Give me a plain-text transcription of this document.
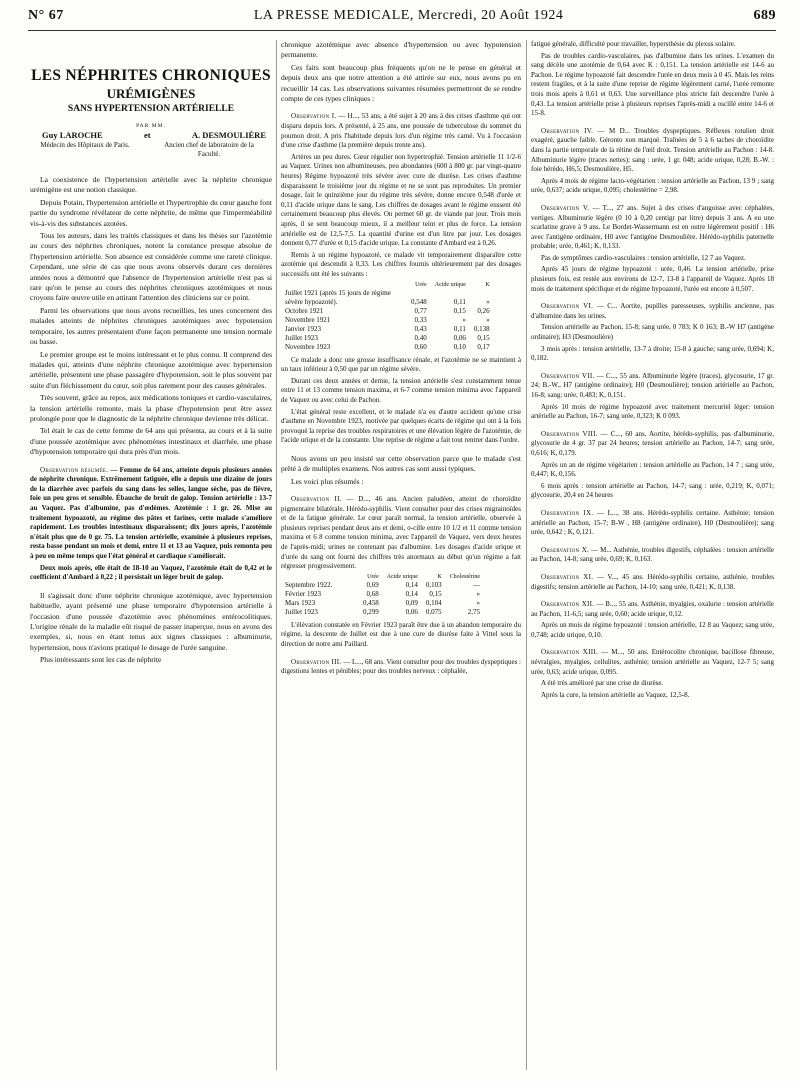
N° 67	LA PRESSE MEDICALE, Mercredi, 20 Août 1924	689
LES NÉPHRITES CHRONIQUES
URÉMIGÈNES
SANS HYPERTENSION ARTÉRIELLE
PAR MM.
Guy LAROCHE	et	A. DESMOULIÈRE
Médecin des Hôpitaux de Paris.	Ancien chef de laboratoire de la Faculté.

La coexistence de l'hypertension artérielle avec la néphrite chronique urémigène est une notion classique.

Depuis Potain, l'hypertension artérielle et l'hypertrophie du cœur gauche font partie du syndrome révélateur de cette néphrite, de même que l'imperméabilité vis-à-vis des substances azotées.

Tous les auteurs, dans les traités classiques et dans les thèses sur l'azotémie au cours des néphrites chroniques, notent la constance presque absolue de l'hypertension artérielle. Son absence est considérée comme une rareté clinique. Cependant, une série de cas que nous avons observés durant ces dernières années nous a démontré que l'absence de l'hypertension artérielle n'est pas si rare qu'on le pense au cours des néphrites chroniques azotémiques et nous croyons faire œuvre utile en attirant l'attention des cliniciens sur ce point.

Parmi les observations que nous avons recueillies, les unes concernent des malades atteints de néphrites chroniques azotémiques avec hypotension temporaire, les autres présentaient d'une façon permanente une tension normale ou basse.

Le premier groupe est le moins intéressant et le plus connu. Il comprend des malades qui, atteints d'une néphrite chronique azotémique avec hypertension artérielle, présentent une phase passagère d'hypotension, soit le plus souvent par suite d'un fléchissement du cœur, soit plus rarement pour des causes générales.

Très souvent, grâce au repos, aux médications toniques et cardio-vasculaires, la tension artérielle remonte, mais la phase d'hypotension peut être assez prolongée pour que le diagnostic de la néphrite chronique devienne très délicat.

Tel était le cas de cette femme de 64 ans qui présenta, au cours et à la suite d'une poussée azotémique avec phénomènes intestinaux et diarrhée, une phase d'hypotension temporaire qui dura près d'un mois.

Observation résumée. — Femme de 64 ans, atteinte depuis plusieurs années de néphrite chronique. Extrêmement fatiguée, elle a depuis une dizaine de jours de la diarrhée avec parfois du sang dans les selles, langue sèche, pas de fièvre, foie un peu gros et sensible. Ébauche de bruit de galop. Tension artérielle : 13-7 au Vaquez. Pas d'albumine, pas d'œdèmes. Azotémie : 1 gr. 26. Mise au traitement hypoazoté, au régime des pâtes et farines, cette malade s'améliore rapidement. Les troubles intestinaux disparaissent; dix jours après, l'azotémie n'était plus que de 0 gr. 75. La tension artérielle, examinée à plusieurs reprises, resta basse pendant un mois et demi, entre 11 et 13 au Vaquez, puis remonta peu à peu en même temps que l'état général et cardiaque s'améliorait.

Deux mois après, elle était de 18-10 au Vaquez, l'azotémie était de 0,42 et le coefficient d'Ambard à 0,22 ; il persistait un léger bruit de galop.

Il s'agissait donc d'une néphrite chronique azotémique, avec hypertension habituelle, ayant présenté une phase temporaire d'hypotension artérielle à l'occasion d'une poussée d'azotémie avec phénomènes entérocolitiques. L'origine rénale de la maladie eût risqué de passer inaperçue, nous en avons des exemples, si, nous en étant tenus aux signes classiques : albuminurie, hypertension, nous n'avions pratiqué le dosage de l'urée sanguine.

Plus intéressants sont les cas de néphrite

chronique azotémique avec absence d'hypertension ou avec hypotension permanente.

Ces faits sont beaucoup plus fréquents qu'on ne le pense en général et depuis deux ans que notre attention a été attirée sur eux, nous avons pu en recueillir 14 cas. Les observations suivantes résumées permettront de se rendre compte de ces types cliniques :

Observation I. — H..., 53 ans, a été sujet à 20 ans à des crises d'asthme qui ont disparu depuis lors. A présenté, à 25 ans, une poussée de tuberculose du sommet du poumon droit. A pris l'habitude depuis lors d'un régime très carné. Vu à l'occasion d'une crise d'asthme (la première depuis trente ans).

Artères un peu dures. Cœur régulier non hypertrophié. Tension artérielle 11 1/2-6 au Vaquez. Urines non albumineuses, peu abondantes (600 à 800 gr. par vingt-quatre heures) Régime hypoazoté très sévère avec cure de diurèse. Les crises d'asthme disparaissent le troisième jour du régime et ne se sont pas reproduites. Un premier dosage, fait le quinzième jour du régime très sévère, donne encore 0,548 d'urée et 0,11 d'acide urique dans le sang. Les chiffres de dosages avant le régime eussent été certainement beaucoup plus élevés. On permet 60 gr. de viande par jour. Trois mois après, il se sent beaucoup mieux, il a meilleur teint et plus de force. La tension artérielle est de 12,5-7,5. La quantité d'urine est d'un litre par jour. Les dosages donnent 0,77 d'urée et 0,15 d'acide urique. La constante d'Ambard est à 0,26.

Remis à un régime hypoazoté, ce malade vit temporairement disparaître cette azotémie qui descendit à 0,33. Les chiffres fournis ultérieurement par des dosages successifs ont été les suivants :

	Urée	Acide urique	K
Juillet 1921 (après 15 jours de régime sévère hypoazoté).	0,548	0,11	»
Octobre 1921	0,77	0,15	0,26
Novembre 1921	0,33	»	»
Janvier 1923	0,43	0,11	0,138
Juillet 1923	0,40	0,06	0,15
Novembre 1923	0,60	0,10	0,17

Ce malade a donc une grosse insuffisance rénale, et l'azotémie ne se maintient à un taux inférieur à 0,50 que par un régime sévère.

Durant ces deux années et demie, la tension artérielle s'est constamment tenue entre 11 et 13 comme tension maxima, et 6-7 comme tension minima avec l'appareil de Vaquez ou avec celui de Pachon.

L'état général reste excellent, et le malade n'a eu d'autre accident qu'une crise d'asthme en Novembre 1923, motivée par quelques écarts de régime qui ont à la fois provoqué la reprise des troubles respiratoires et une élévation légère de l'azotémie, de l'acide urique et de la constante. Une reprise de régime a fait tout rentrer dans l'ordre.

Nous avons un peu insisté sur cette observation parce que le malade s'est prêté à de multiples examens. Nos autres cas sont aussi typiques.

Les voici plus résumés :

Observation II. — D..., 46 ans. Ancien paludéen, atteint de choroïdite pigmentaire bilatérale. Hérédo-syphilis. Vient consulter pour des crises migrainoïdes et de la fatigue générale. Le cœur paraît normal, la tension artérielle, observée à plusieurs reprises pendant deux ans et demi, o-cille entre 10 1/2 et 11 comme tension maxima et 6 8 comme tension minima, avec l'appareil de Vaquez, vers deux heures de l'après-midi; urines ne contenant pas d'albumine. Les dosages d'acide urique et d'urée du sang ont fourni des chiffres très anormaux au début qu'un régime a fait régresser progressivement.

	Urée	Acide urique	K	Cholestérine
Septembre 1922.	0,69	0,14	0,103	—
Février 1923	0,68	0,14	0,15	»
Mars 1923	0,458	0,09	0,104	»
Juillet 1923	0,299	0,06	0,075	2,75

L'élévation constatée en Février 1923 paraît être due à un abandon temporaire du régime, la descente de Juillet est due à une cure de diurèse faite à Vittel sous la direction de notre ami Paillard.

Observation III. — L..., 68 ans. Vient consulter pour des troubles dyspeptiques : digestions lentes et pénibles; pour des troubles nerveux : céphalée,

fatigue générale, difficulté pour travailler, hypersthésie du plexus solaire.

Pas de troubles cardio-vasculaires, pas d'albumine dans les urines. L'examen du sang décèle une azotémie de 0,64 avec K : 0,151. La tension artérielle est 14-6 au Pachon. Le régime hypoazoté fait descendre l'urée en deux mois à 0 45. Mais les reins restent fragiles, et à la suite d'une reprise de régime légèrement carné, l'urée remonte trois mois après à 0,61 et 0,63. Une surveillance plus stricte fait descendre l'urée à 0,43. La tension artérielle prise à plusieurs reprises l'après-midi a oscillé entre 14-6 et 15-8.

Observation IV. — M D... Troubles dyspeptiques. Réflexes rotulien droit exagéré, gauche faible. Géronto xon marqué. Traînées de 5 à 6 taches de choroïdite dans la partie temporale de la rétine de l'œil droit. Tension artérielle au Pachon : 14-8. Albuminurie légère (traces nettes); sang : urée, 1 gr. 048; acide urique, 0,28; B.-W. : foie hérédo, H6,5; Desmoulière, H5.

Après 4 mois de régime lacto-végétarien : tension artérielle au Pachon, 13 9 ; sang urée, 0,637; acide urique, 0,095; cholestérine = 2,98.

Observation V. — T..., 27 ans. Sujet à des crises d'angoisse avec céphalées, vertiges. Albuminurie légère (0 10 à 0,20 centigr par litre) depuis 3 ans. A eu une scarlatine grave à 9 ans. Le Bordet-Wassermann est en outre légèrement positif : H6 avec l'antigène ordinaire, H0 avec l'antigène Desmoulière. Hérédo-syphilis paternelle probable; urée, 0,461; K, 0,133.

Pas de symptômes cardio-vasculaires : tension artérielle, 12 7 au Vaquez.

Après 45 jours de régime hypoazoté : urée, 0,46. La tension artérielle, prise plusieurs fois, est restée aux environs de 12-7, 13-8 à l'appareil de Vaquez. Après 18 mois de traitement spécifique et de régime hypoazoté, l'urée est encore à 0,507.

Observation VI. — C... Aortite, pupilles paresseuses, syphilis ancienne, pas d'albumine dans les urines.

Tension artérielle au Pachon, 15-8; sang urée, 0 783; K 0 163; B.-W H7 (antigène ordinaire); H3 (Desmoulière)

3 mois après : tension artérielle, 13-7 à droite; 15-8 à gauche; sang urée, 0,694; K, 0,182.

Observation VII. — C..., 55 ans. Albuminurie légère (traces), glycosurie, 17 gr. 24; B.-W., H7 (antigène ordinaire); H0 (Desmoulière); tension artérielle au Pachon, 16-8; sang: urée, 0,483; K, 0,151.

Après 10 mois de régime hypoazoté avec traitement mercuriel léger: tension artérielle au Pachon, 16-7; sang urée, 0,323; K 0 093.

Observation VIII. — C..., 60 ans. Aortite, hérédo-syphilis, pas d'albuminurie, glycosurie de 4 gr. 37 par 24 heures; tension artérielle au Pachon, 14-7; sang urée, 0,616; K, 0,179.

Après un an de régime végétarien : tension artérielle au Pachon, 14 7 ; sang urée, 0,447; K, 0,156.

6 mois après : tension artérielle au Pachon, 14-7; sang : urée, 0,219; K, 0,071; glycosurie, 20,4 en 24 heures

Observation IX. — L..., 38 ans. Hérédo-syphilis certaine. Asthénie; tension artérielle au Pachon, 15-7; B-W , H8 (antigène ordinaire), H0 (Desmoulière); sang urée, 0,642 ; K, 0,121.

Observation X. — M... Asthénie, troubles digestifs, céphalées : tension artérielle au Pachon, 14-8; sang urée, 0,69; K, 0,163.

Observation XI. — V..., 45 ans. Hérédo-syphilis certaine, asthénie, troubles digestifs; tension artérielle au Pachon, 14-10; sang urée, 0,421; K, 0,138.

Observation XII. — B..., 55 ans. Asthénie, myalgies, oxalurie : tension artérielle au Pachon, 11-6,5; sang urée, 0,60; acide urique, 0,12.

Après un mois de régime hypoazoté : tension artérielle, 12 8 au Vaquez; sang urée, 0,748; acide urique, 0,10.

Observation XIII. — M..., 50 ans. Entérocolite chronique, bacillose fibreuse, névralgies, myalgies, cellulites, asthénie; tension artérielle au Vaquez, 12-7 5; sang urée, 0,63; acide urique, 0,095.

A été très amélioré par une crise de diurèse.

Après la cure, la tension artérielle au Vaquez, 12,5-8.
